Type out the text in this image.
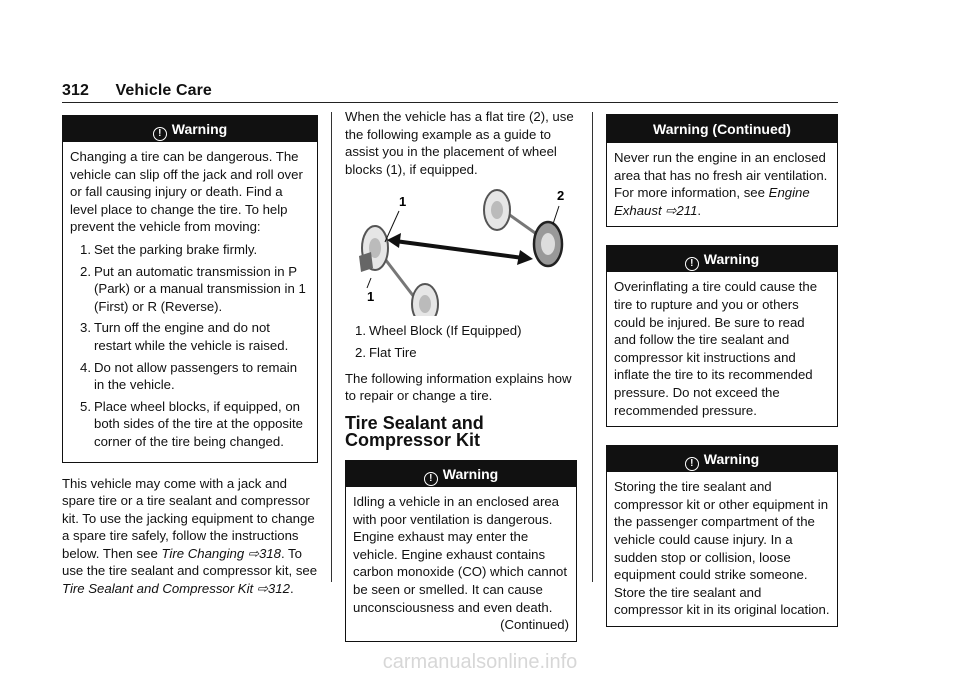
312 Vehicle Care
! Warning

Changing a tire can be dangerous. The vehicle can slip off the jack and roll over or fall causing injury or death. Find a level place to change the tire. To help prevent the vehicle from moving:

1. Set the parking brake firmly.
2. Put an automatic transmission in P (Park) or a manual transmission in 1 (First) or R (Reverse).
3. Turn off the engine and do not restart while the vehicle is raised.
4. Do not allow passengers to remain in the vehicle.
5. Place wheel blocks, if equipped, on both sides of the tire at the opposite corner of the tire being changed.

This vehicle may come with a jack and spare tire or a tire sealant and compressor kit. To use the jacking equipment to change a spare tire safely, follow the instructions below. Then see Tire Changing ⇨318. To use the tire sealant and compressor kit, see Tire Sealant and Compressor Kit ⇨312.

When the vehicle has a flat tire (2), use the following example as a guide to assist you in the placement of wheel blocks (1), if equipped.

1
1
2
1. Wheel Block (If Equipped)
2. Flat Tire

The following information explains how to repair or change a tire.

Tire Sealant and Compressor Kit
! Warning

Idling a vehicle in an enclosed area with poor ventilation is dangerous. Engine exhaust may enter the vehicle. Engine exhaust contains carbon monoxide (CO) which cannot be seen or smelled. It can cause unconsciousness and even death.

(Continued)

Warning (Continued)

Never run the engine in an enclosed area that has no fresh air ventilation. For more information, see Engine Exhaust ⇨211.

! Warning

Overinflating a tire could cause the tire to rupture and you or others could be injured. Be sure to read and follow the tire sealant and compressor kit instructions and inflate the tire to its recommended pressure. Do not exceed the recommended pressure.

! Warning

Storing the tire sealant and compressor kit or other equipment in the passenger compartment of the vehicle could cause injury. In a sudden stop or collision, loose equipment could strike someone. Store the tire sealant and compressor kit in its original location.

carmanualsonline.info
